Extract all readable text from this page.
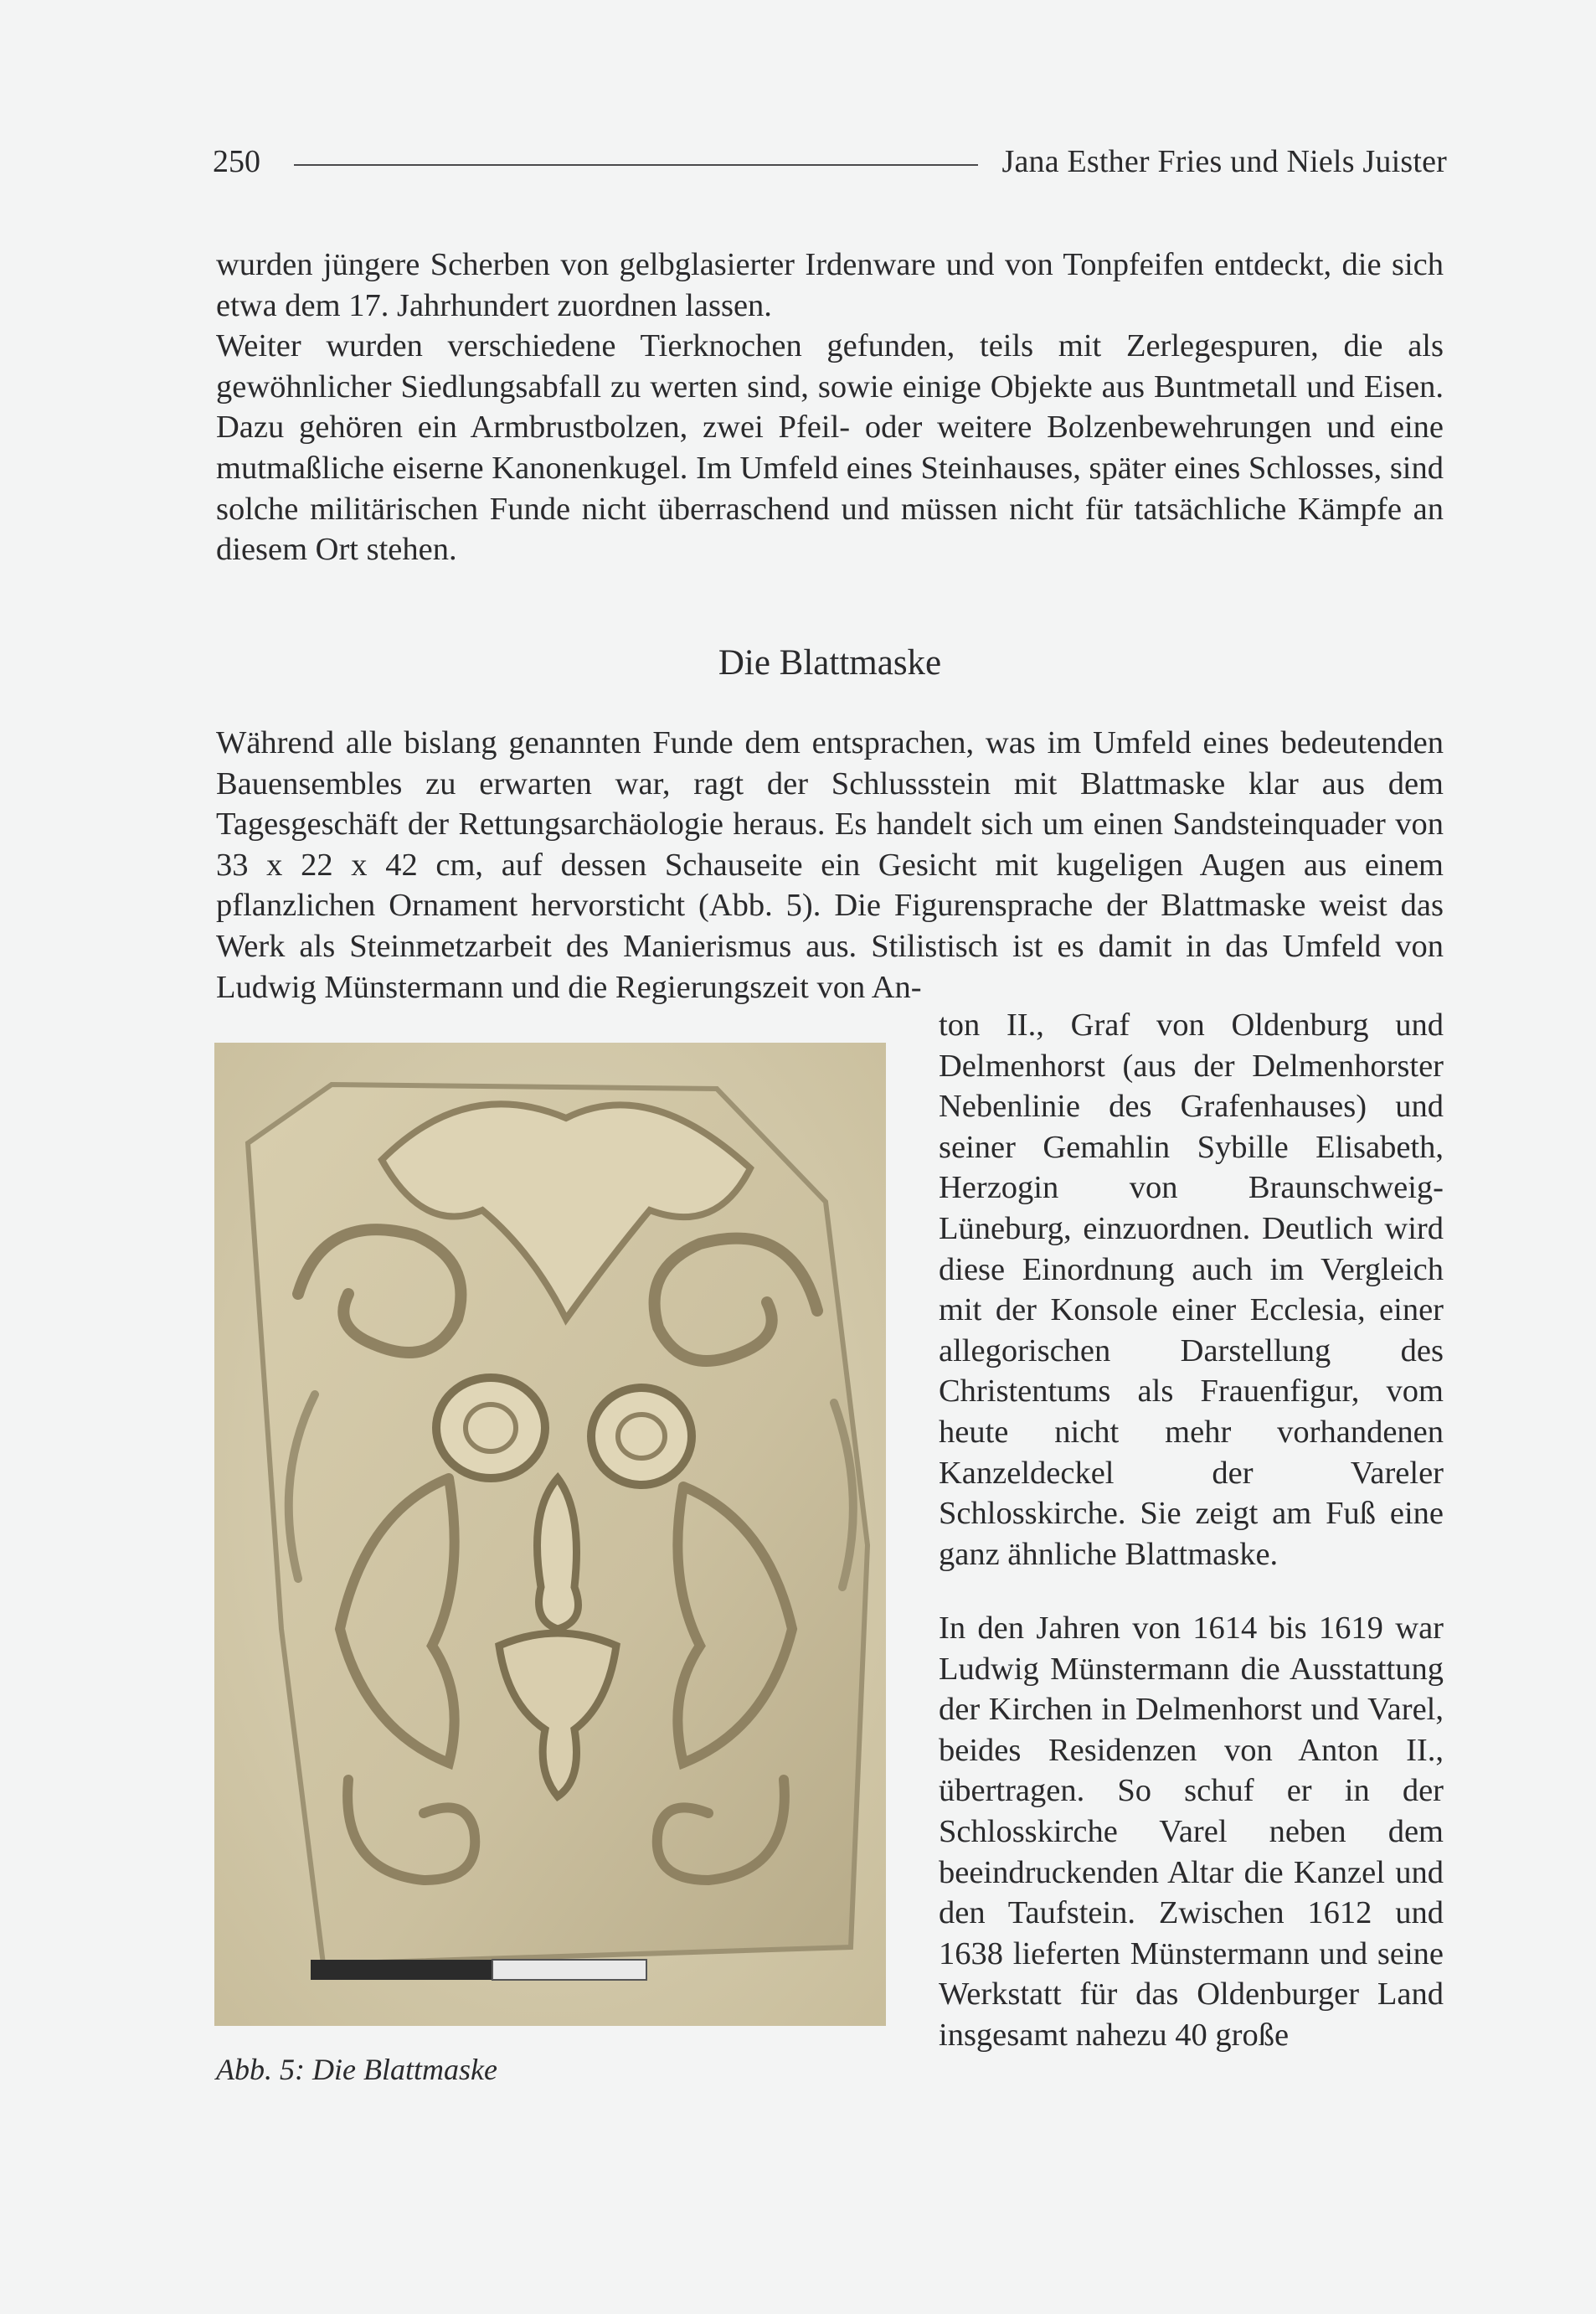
250	Jana Esther Fries und Niels Juister

wurden jüngere Scherben von gelbglasierter Irdenware und von Tonpfeifen entdeckt, die sich etwa dem 17. Jahrhundert zuordnen lassen.

Weiter wurden verschiedene Tierknochen gefunden, teils mit Zerlegespuren, die als gewöhnlicher Siedlungsabfall zu werten sind, sowie einige Objekte aus Buntmetall und Eisen. Dazu gehören ein Armbrustbolzen, zwei Pfeil- oder weitere Bolzenbewehrungen und eine mutmaßliche eiserne Kanonenkugel. Im Umfeld eines Steinhauses, später eines Schlosses, sind solche militärischen Funde nicht überraschend und müssen nicht für tatsächliche Kämpfe an diesem Ort stehen.

Die Blattmaske

Während alle bislang genannten Funde dem entsprachen, was im Umfeld eines bedeutenden Bauensembles zu erwarten war, ragt der Schlussstein mit Blattmaske klar aus dem Tagesgeschäft der Rettungsarchäologie heraus. Es handelt sich um einen Sandsteinquader von 33 x 22 x 42 cm, auf dessen Schauseite ein Gesicht mit kugeligen Augen aus einem pflanzlichen Ornament hervorsticht (Abb. 5). Die Figurensprache der Blattmaske weist das Werk als Steinmetzarbeit des Manierismus aus. Stilistisch ist es damit in das Umfeld von Ludwig Münstermann und die Regierungszeit von An-

ton II., Graf von Oldenburg und Delmenhorst (aus der Delmenhorster Nebenlinie des Grafenhauses) und seiner Gemahlin Sybille Elisabeth, Herzogin von Braunschweig-Lüneburg, einzuordnen. Deutlich wird diese Einordnung auch im Vergleich mit der Konsole einer Ecclesia, einer allegorischen Darstellung des Christentums als Frauenfigur, vom heute nicht mehr vorhandenen Kanzeldeckel der Vareler Schlosskirche. Sie zeigt am Fuß eine ganz ähnliche Blattmaske.

In den Jahren von 1614 bis 1619 war Ludwig Münstermann die Ausstattung der Kirchen in Delmenhorst und Varel, beides Residenzen von Anton II., übertragen. So schuf er in der Schlosskirche Varel neben dem beeindruckenden Altar die Kanzel und den Taufstein. Zwischen 1612 und 1638 lieferten Münstermann und seine Werkstatt für das Oldenburger Land insgesamt nahezu 40 große

Abb. 5: Die Blattmaske
